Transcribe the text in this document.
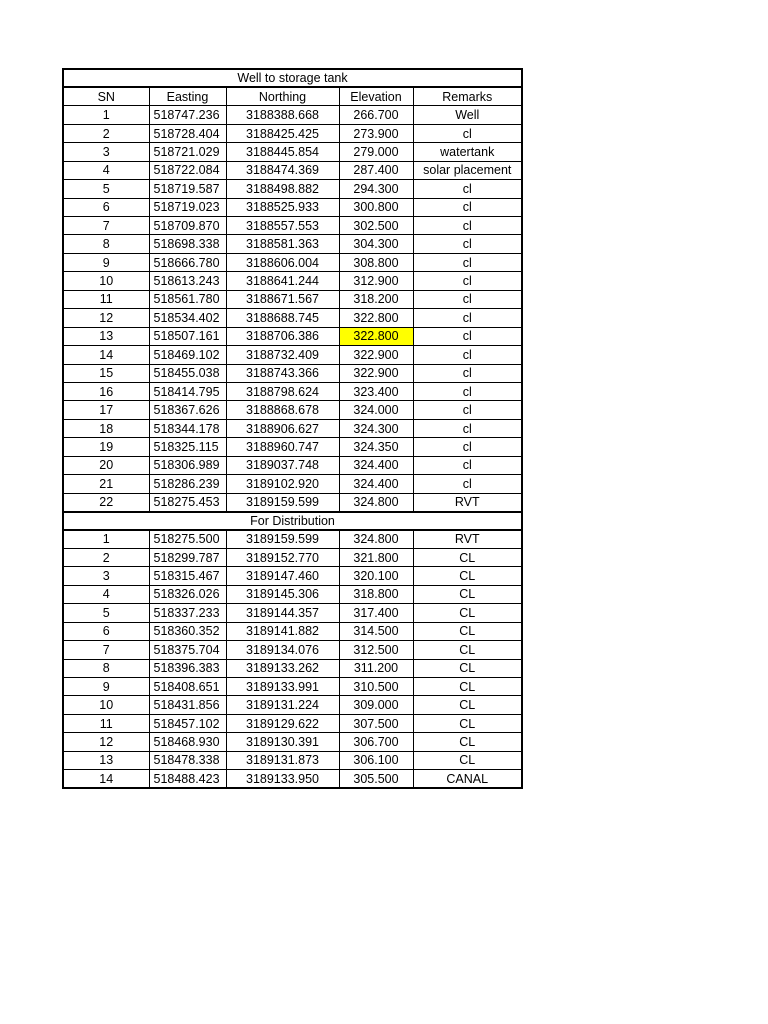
Well to storage tank				
SN	Easting	Northing	Elevation	Remarks
1	518747.236	3188388.668	266.700	Well
2	518728.404	3188425.425	273.900	cl
3	518721.029	3188445.854	279.000	watertank
4	518722.084	3188474.369	287.400	solar placement
5	518719.587	3188498.882	294.300	cl
6	518719.023	3188525.933	300.800	cl
7	518709.870	3188557.553	302.500	cl
8	518698.338	3188581.363	304.300	cl
9	518666.780	3188606.004	308.800	cl
10	518613.243	3188641.244	312.900	cl
11	518561.780	3188671.567	318.200	cl
12	518534.402	3188688.745	322.800	cl
13	518507.161	3188706.386	322.800	cl
14	518469.102	3188732.409	322.900	cl
15	518455.038	3188743.366	322.900	cl
16	518414.795	3188798.624	323.400	cl
17	518367.626	3188868.678	324.000	cl
18	518344.178	3188906.627	324.300	cl
19	518325.115	3188960.747	324.350	cl
20	518306.989	3189037.748	324.400	cl
21	518286.239	3189102.920	324.400	cl
22	518275.453	3189159.599	324.800	RVT
For Distribution				
1	518275.500	3189159.599	324.800	RVT
2	518299.787	3189152.770	321.800	CL
3	518315.467	3189147.460	320.100	CL
4	518326.026	3189145.306	318.800	CL
5	518337.233	3189144.357	317.400	CL
6	518360.352	3189141.882	314.500	CL
7	518375.704	3189134.076	312.500	CL
8	518396.383	3189133.262	311.200	CL
9	518408.651	3189133.991	310.500	CL
10	518431.856	3189131.224	309.000	CL
11	518457.102	3189129.622	307.500	CL
12	518468.930	3189130.391	306.700	CL
13	518478.338	3189131.873	306.100	CL
14	518488.423	3189133.950	305.500	CANAL
